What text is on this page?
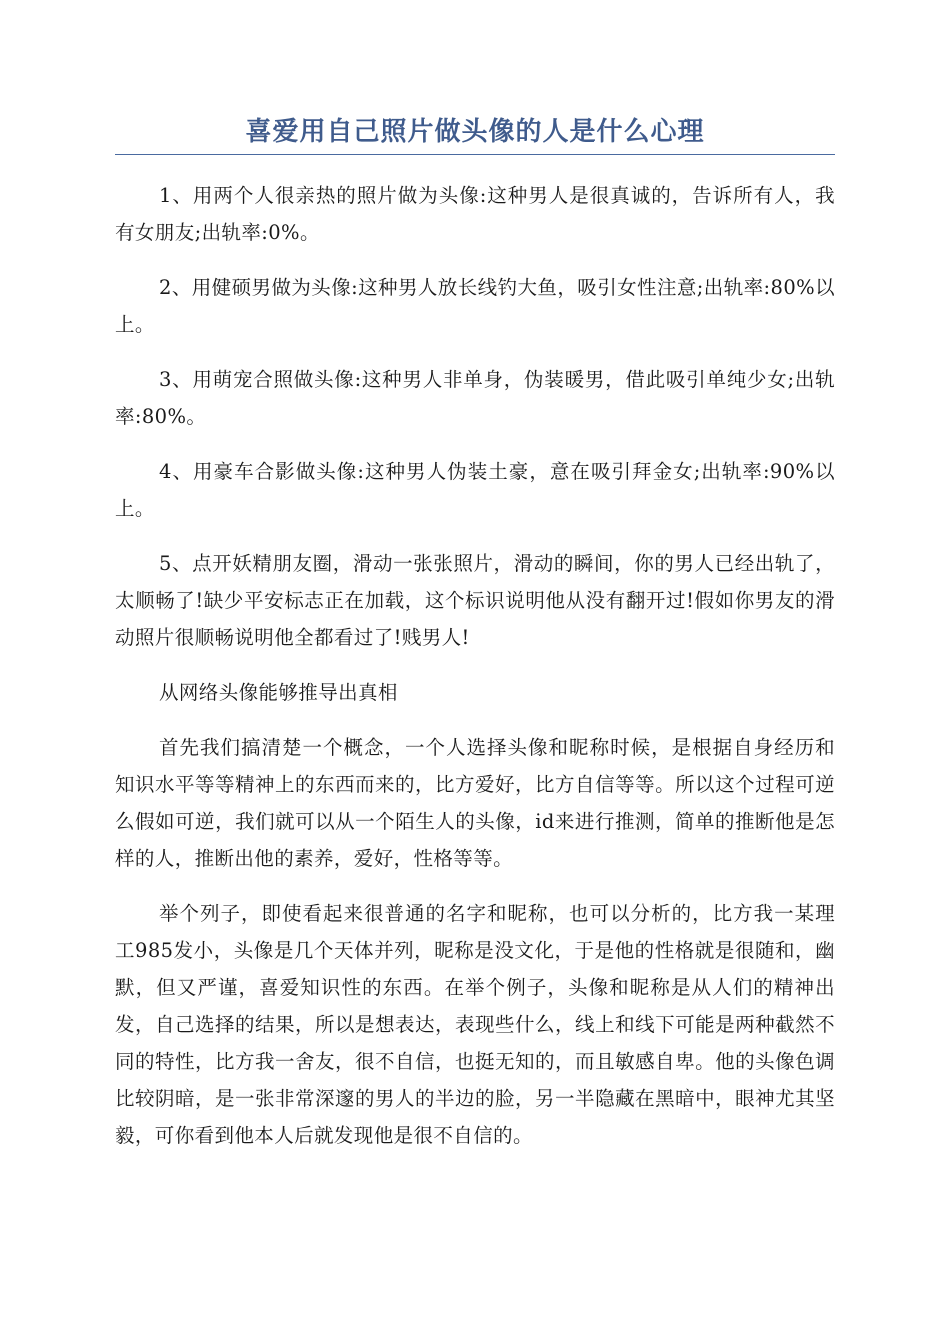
喜爱用自己照片做头像的人是什么心理

1、用两个人很亲热的照片做为头像:这种男人是很真诚的，告诉所有人，我有女朋友;出轨率:0%。

2、用健硕男做为头像:这种男人放长线钓大鱼，吸引女性注意;出轨率:80%以上。

3、用萌宠合照做头像:这种男人非单身，伪装暖男，借此吸引单纯少女;出轨率:80%。

4、用豪车合影做头像:这种男人伪装土豪，意在吸引拜金女;出轨率:90%以上。

5、点开妖精朋友圈，滑动一张张照片，滑动的瞬间，你的男人已经出轨了，太顺畅了!缺少平安标志正在加载，这个标识说明他从没有翻开过!假如你男友的滑动照片很顺畅说明他全都看过了!贱男人!

从网络头像能够推导出真相

首先我们搞清楚一个概念，一个人选择头像和昵称时候，是根据自身经历和知识水平等等精神上的东西而来的，比方爱好，比方自信等等。所以这个过程可逆么假如可逆，我们就可以从一个陌生人的头像，id来进行推测，简单的推断他是怎样的人，推断出他的素养，爱好，性格等等。

举个列子，即使看起来很普通的名字和昵称，也可以分析的，比方我一某理工985发小，头像是几个天体并列，昵称是没文化，于是他的性格就是很随和，幽默，但又严谨，喜爱知识性的东西。在举个例子，头像和昵称是从人们的精神出发，自己选择的结果，所以是想表达，表现些什么，线上和线下可能是两种截然不同的特性，比方我一舍友，很不自信，也挺无知的，而且敏感自卑。他的头像色调比较阴暗，是一张非常深邃的男人的半边的脸，另一半隐藏在黑暗中，眼神尤其坚毅，可你看到他本人后就发现他是很不自信的。
